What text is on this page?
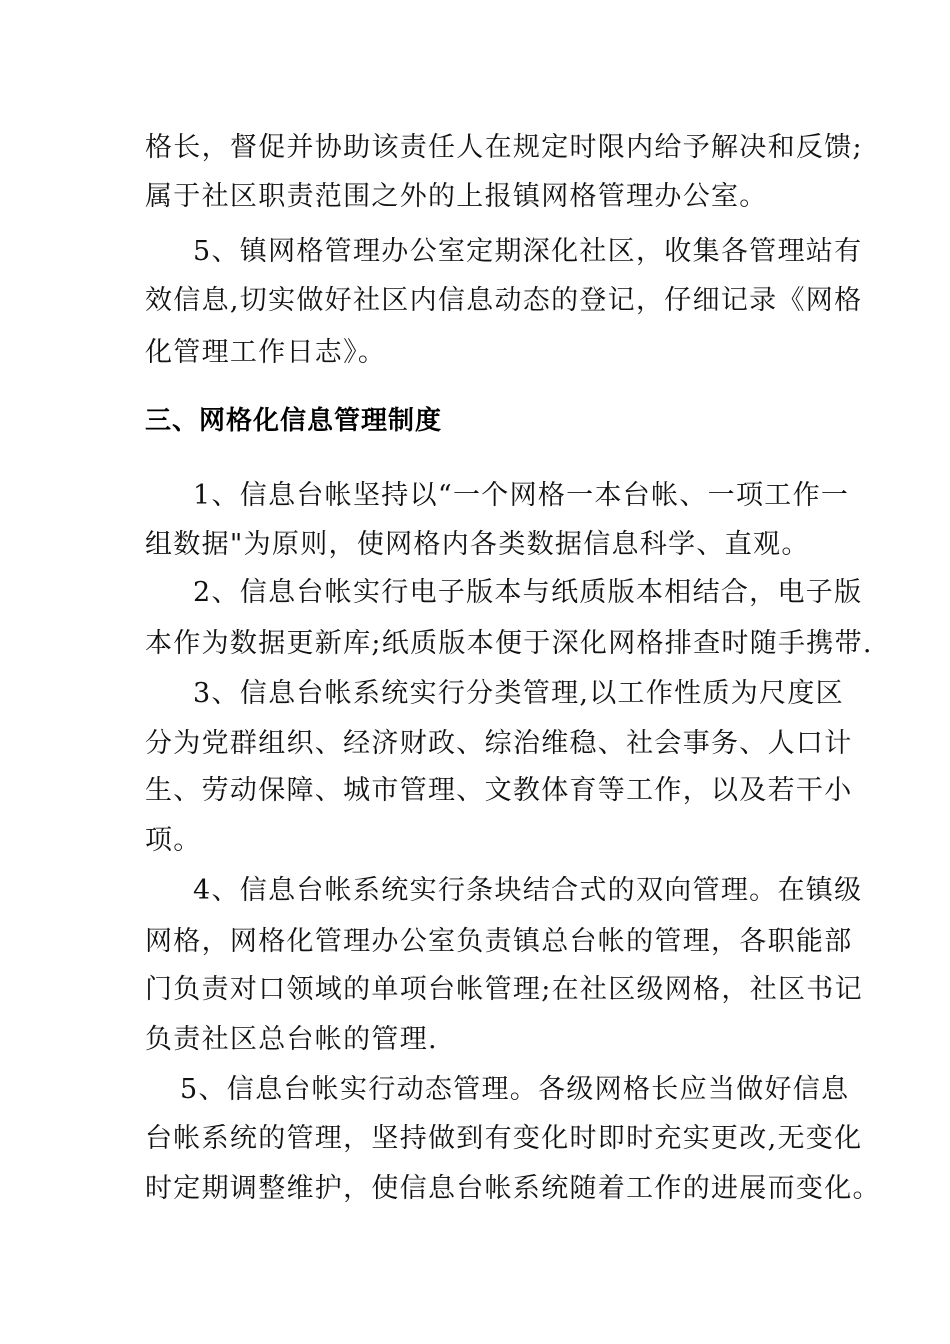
格长，督促并协助该责任人在规定时限内给予解决和反馈;
属于社区职责范围之外的上报镇网格管理办公室。
5、镇网格管理办公室定期深化社区，收集各管理站有
效信息,切实做好社区内信息动态的登记，仔细记录《网格
化管理工作日志》。
三、网格化信息管理制度
1、信息台帐坚持以“一个网格一本台帐、一项工作一
组数据"为原则，使网格内各类数据信息科学、直观。
2、信息台帐实行电子版本与纸质版本相结合，电子版
本作为数据更新库;纸质版本便于深化网格排查时随手携带.
3、信息台帐系统实行分类管理,以工作性质为尺度区
分为党群组织、经济财政、综治维稳、社会事务、人口计
生、劳动保障、城市管理、文教体育等工作，以及若干小
项。
4、信息台帐系统实行条块结合式的双向管理。在镇级
网格，网格化管理办公室负责镇总台帐的管理，各职能部
门负责对口领域的单项台帐管理;在社区级网格，社区书记
负责社区总台帐的管理.
5、信息台帐实行动态管理。各级网格长应当做好信息
台帐系统的管理，坚持做到有变化时即时充实更改,无变化
时定期调整维护，使信息台帐系统随着工作的进展而变化。
